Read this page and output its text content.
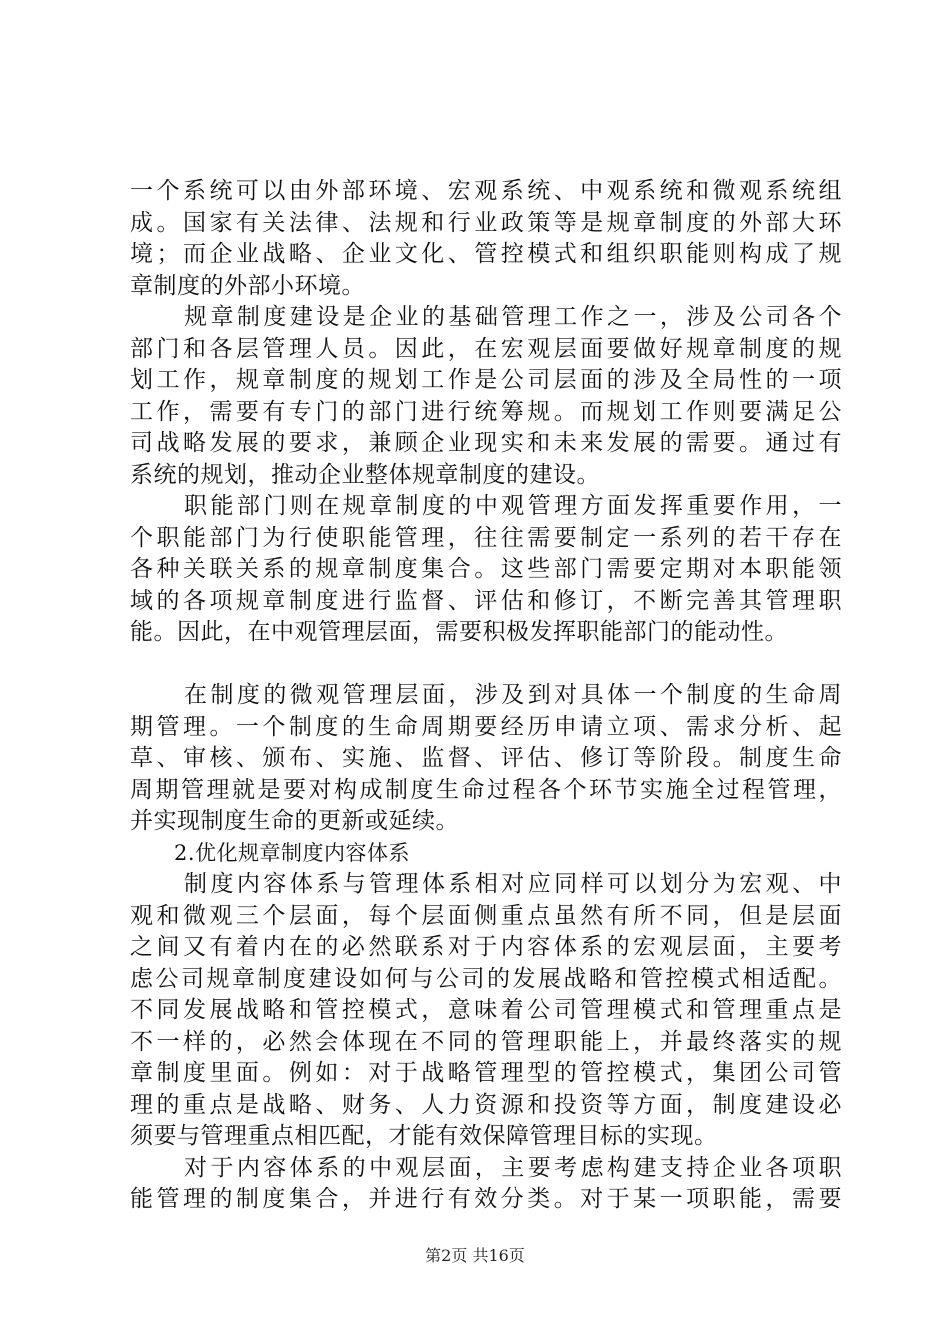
一个系统可以由外部环境、宏观系统、中观系统和微观系统组
成。国家有关法律、法规和行业政策等是规章制度的外部大环
境；而企业战略、企业文化、管控模式和组织职能则构成了规
章制度的外部小环境。
规章制度建设是企业的基础管理工作之一，涉及公司各个
部门和各层管理人员。因此，在宏观层面要做好规章制度的规
划工作，规章制度的规划工作是公司层面的涉及全局性的一项
工作，需要有专门的部门进行统筹规。而规划工作则要满足公
司战略发展的要求，兼顾企业现实和未来发展的需要。通过有
系统的规划，推动企业整体规章制度的建设。
职能部门则在规章制度的中观管理方面发挥重要作用，一
个职能部门为行使职能管理，往往需要制定一系列的若干存在
各种关联关系的规章制度集合。这些部门需要定期对本职能领
域的各项规章制度进行监督、评估和修订，不断完善其管理职
能。因此，在中观管理层面，需要积极发挥职能部门的能动性。
在制度的微观管理层面，涉及到对具体一个制度的生命周
期管理。一个制度的生命周期要经历申请立项、需求分析、起
草、审核、颁布、实施、监督、评估、修订等阶段。制度生命
周期管理就是要对构成制度生命过程各个环节实施全过程管理，
并实现制度生命的更新或延续。
2.优化规章制度内容体系
制度内容体系与管理体系相对应同样可以划分为宏观、中
观和微观三个层面，每个层面侧重点虽然有所不同，但是层面
之间又有着内在的必然联系对于内容体系的宏观层面，主要考
虑公司规章制度建设如何与公司的发展战略和管控模式相适配。
不同发展战略和管控模式，意味着公司管理模式和管理重点是
不一样的，必然会体现在不同的管理职能上，并最终落实的规
章制度里面。例如：对于战略管理型的管控模式，集团公司管
理的重点是战略、财务、人力资源和投资等方面，制度建设必
须要与管理重点相匹配，才能有效保障管理目标的实现。
对于内容体系的中观层面，主要考虑构建支持企业各项职
能管理的制度集合，并进行有效分类。对于某一项职能，需要
第2页 共16页
